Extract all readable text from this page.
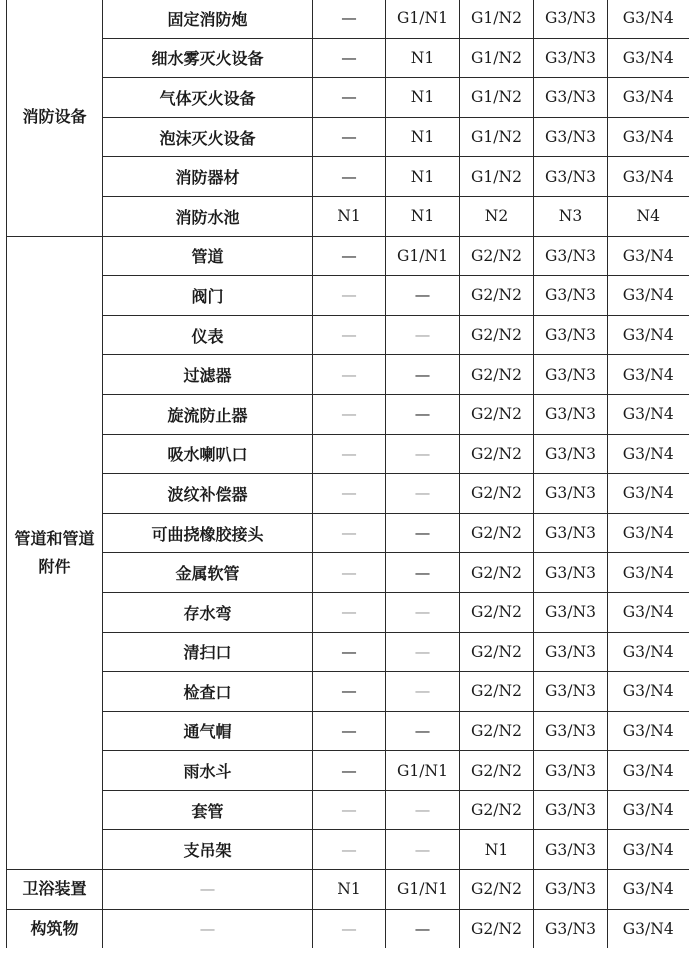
消防设备	固定消防炮	—	G1/N1	G1/N2	G3/N3	G3/N4
	细水雾灭火设备	—	N1	G1/N2	G3/N3	G3/N4
	气体灭火设备	—	N1	G1/N2	G3/N3	G3/N4
	泡沫灭火设备	—	N1	G1/N2	G3/N3	G3/N4
	消防器材	—	N1	G1/N2	G3/N3	G3/N4
	消防水池	N1	N1	N2	N3	N4
管道和管道附件	管道	—	G1/N1	G2/N2	G3/N3	G3/N4
	阀门	—	—	G2/N2	G3/N3	G3/N4
	仪表	—	—	G2/N2	G3/N3	G3/N4
	过滤器	—	—	G2/N2	G3/N3	G3/N4
	旋流防止器	—	—	G2/N2	G3/N3	G3/N4
	吸水喇叭口	—	—	G2/N2	G3/N3	G3/N4
	波纹补偿器	—	—	G2/N2	G3/N3	G3/N4
	可曲挠橡胶接头	—	—	G2/N2	G3/N3	G3/N4
	金属软管	—	—	G2/N2	G3/N3	G3/N4
	存水弯	—	—	G2/N2	G3/N3	G3/N4
	清扫口	—	—	G2/N2	G3/N3	G3/N4
	检查口	—	—	G2/N2	G3/N3	G3/N4
	通气帽	—	—	G2/N2	G3/N3	G3/N4
	雨水斗	—	G1/N1	G2/N2	G3/N3	G3/N4
	套管	—	—	G2/N2	G3/N3	G3/N4
	支吊架	—	—	N1	G3/N3	G3/N4
卫浴装置	—	N1	G1/N1	G2/N2	G3/N3	G3/N4
构筑物	—	—	—	G2/N2	G3/N3	G3/N4
